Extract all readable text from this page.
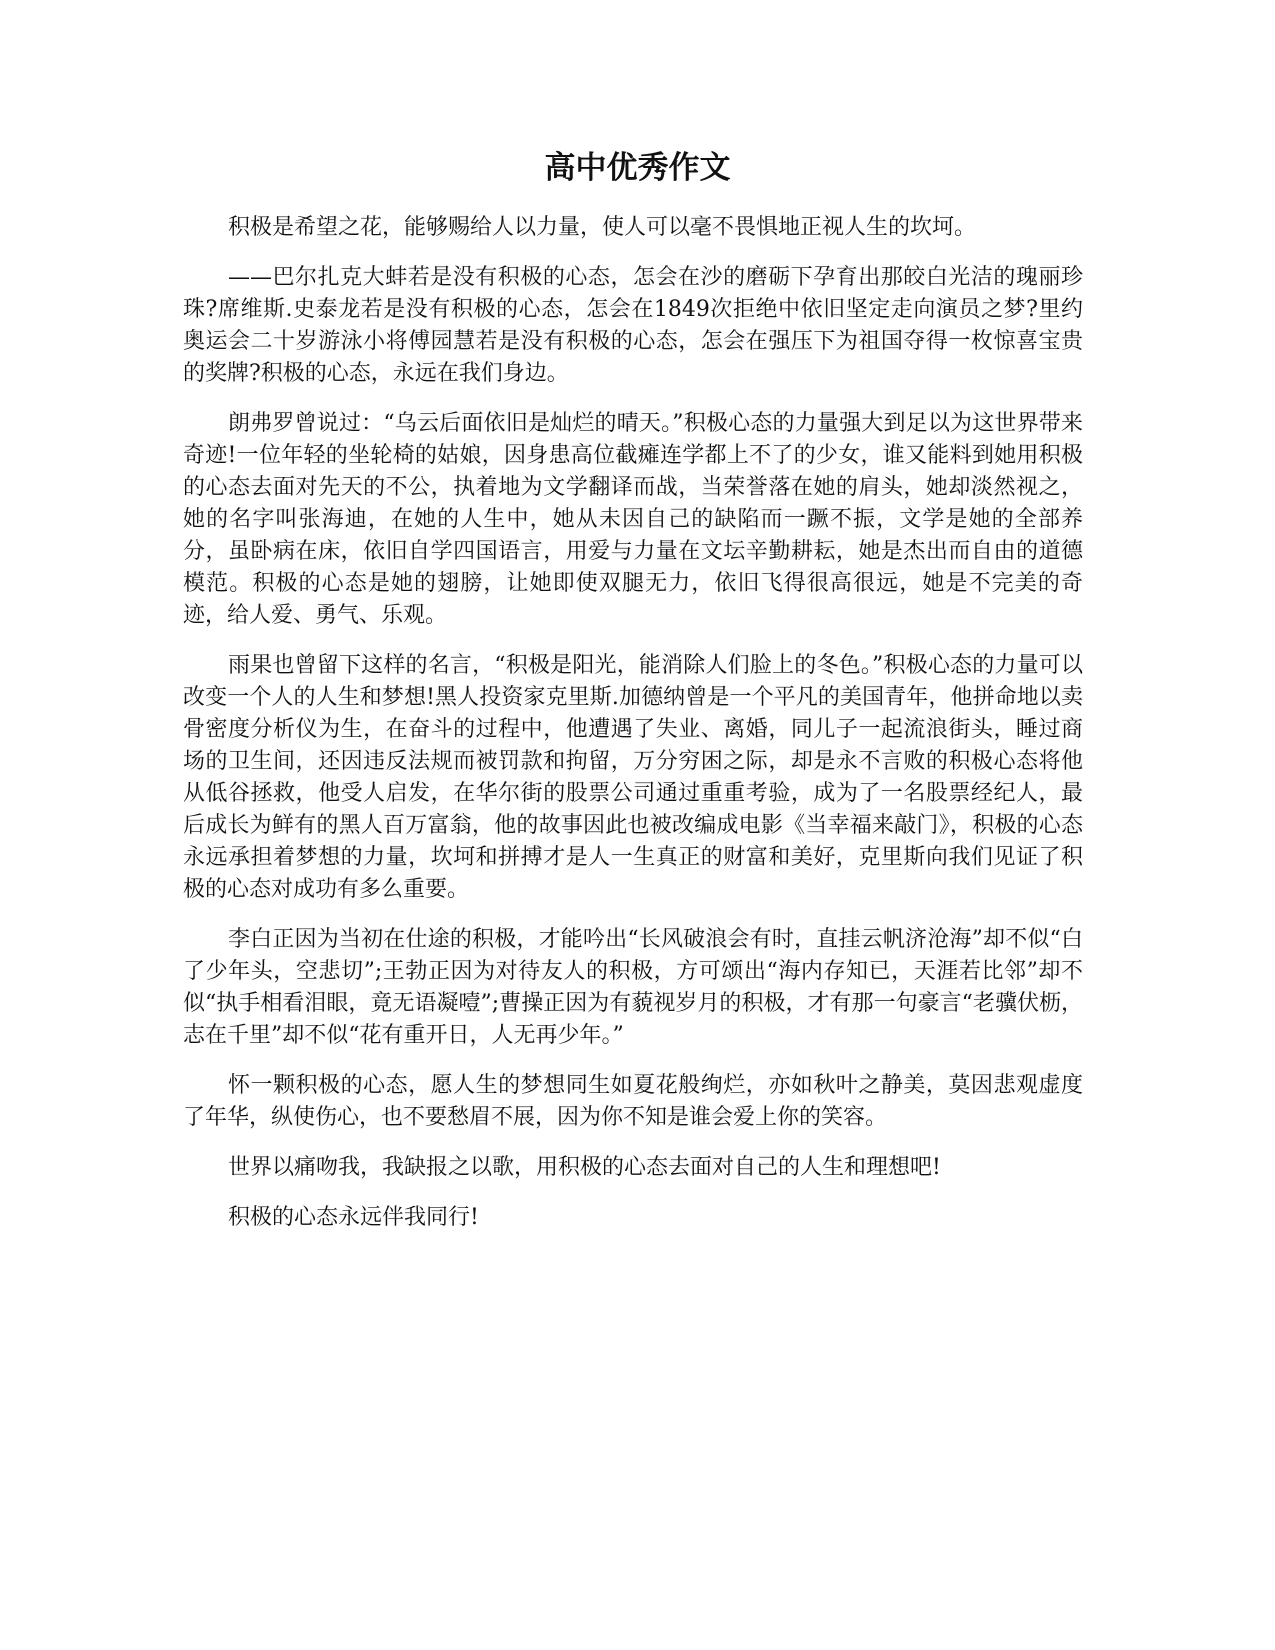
高中优秀作文

积极是希望之花，能够赐给人以力量，使人可以毫不畏惧地正视人生的坎坷。

——巴尔扎克大蚌若是没有积极的心态，怎会在沙的磨砺下孕育出那皎白光洁的瑰丽珍珠?席维斯.史泰龙若是没有积极的心态，怎会在1849次拒绝中依旧坚定走向演员之梦?里约奥运会二十岁游泳小将傅园慧若是没有积极的心态，怎会在强压下为祖国夺得一枚惊喜宝贵的奖牌?积极的心态，永远在我们身边。

朗弗罗曾说过：“乌云后面依旧是灿烂的晴天。”积极心态的力量强大到足以为这世界带来奇迹!一位年轻的坐轮椅的姑娘，因身患高位截瘫连学都上不了的少女，谁又能料到她用积极的心态去面对先天的不公，执着地为文学翻译而战，当荣誉落在她的肩头，她却淡然视之，她的名字叫张海迪，在她的人生中，她从未因自己的缺陷而一蹶不振，文学是她的全部养分，虽卧病在床，依旧自学四国语言，用爱与力量在文坛辛勤耕耘，她是杰出而自由的道德模范。积极的心态是她的翅膀，让她即使双腿无力，依旧飞得很高很远，她是不完美的奇迹，给人爱、勇气、乐观。

雨果也曾留下这样的名言，“积极是阳光，能消除人们脸上的冬色。”积极心态的力量可以改变一个人的人生和梦想!黑人投资家克里斯.加德纳曾是一个平凡的美国青年，他拼命地以卖骨密度分析仪为生，在奋斗的过程中，他遭遇了失业、离婚，同儿子一起流浪街头，睡过商场的卫生间，还因违反法规而被罚款和拘留，万分穷困之际，却是永不言败的积极心态将他从低谷拯救，他受人启发，在华尔街的股票公司通过重重考验，成为了一名股票经纪人，最后成长为鲜有的黑人百万富翁，他的故事因此也被改编成电影《当幸福来敲门》，积极的心态永远承担着梦想的力量，坎坷和拼搏才是人一生真正的财富和美好，克里斯向我们见证了积极的心态对成功有多么重要。

李白正因为当初在仕途的积极，才能吟出“长风破浪会有时，直挂云帆济沧海”却不似“白了少年头，空悲切”;王勃正因为对待友人的积极，方可颂出“海内存知已，天涯若比邻”却不似“执手相看泪眼，竟无语凝噎”;曹操正因为有藐视岁月的积极，才有那一句豪言“老骥伏枥，志在千里”却不似“花有重开日，人无再少年。”

怀一颗积极的心态，愿人生的梦想同生如夏花般绚烂，亦如秋叶之静美，莫因悲观虚度了年华，纵使伤心，也不要愁眉不展，因为你不知是谁会爱上你的笑容。

世界以痛吻我，我缺报之以歌，用积极的心态去面对自己的人生和理想吧!

积极的心态永远伴我同行!
